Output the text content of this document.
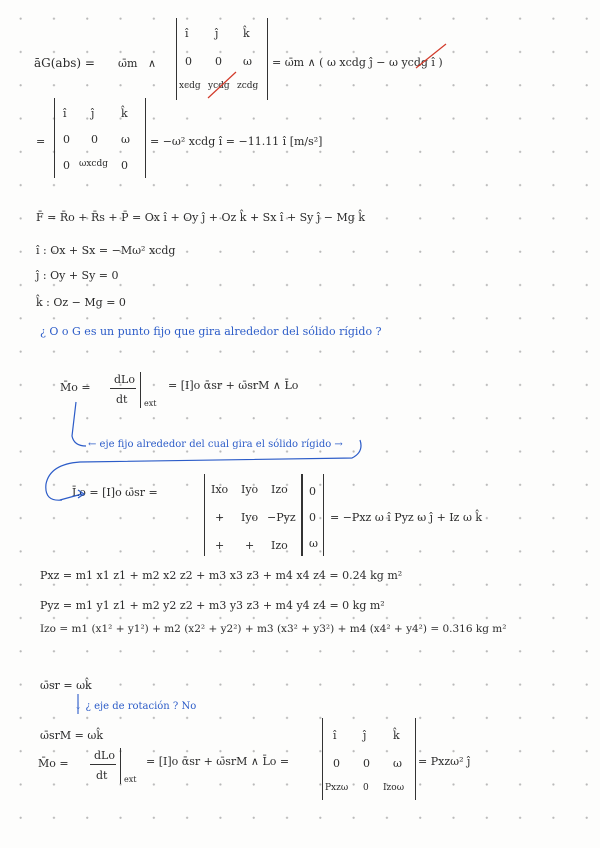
āG(abs) = ω̄m ∧
î ĵ k̂
0 0 ω
xcdg ycdg zcdg
= ω̄m ∧ ( ω xcdg ĵ − ω ycdg î )
=
î ĵ k̂
0 0 ω
0 ωxcdg 0
= −ω² xcdg î = −11.11 î [m/s²]
F̄ = R̄o + R̄s + P̄ = Ox î + Oy ĵ + Oz k̂ + Sx î + Sy ĵ − Mg k̂
î : Ox + Sx = −Mω² xcdg
ĵ : Oy + Sy = 0
k̂ : Oz − Mg = 0
¿ O o G es un punto fijo que gira alrededor del sólido rígido ?
M̄o =
dLo
dt ext
= [I]o ᾱsr + ω̄srM ∧ L̄o
← eje fijo alrededor del cual gira el sólido rígido →
L̄o = [I]o ω̄sr =	Ixo Iyo Izo
+ Iyo −Pyz
+ + Izo
0
0
ω
= −Pxz ω î Pyz ω ĵ + Iz ω k̂
Pxz = m1 x1 z1 + m2 x2 z2 + m3 x3 z3 + m4 x4 z4 = 0.24 kg m²
Pyz = m1 y1 z1 + m2 y2 z2 + m3 y3 z3 + m4 y4 z4 = 0 kg m²
Izo = m1 (x1² + y1²) + m2 (x2² + y2²) + m3 (x3² + y3²) + m4 (x4² + y4²) = 0.316 kg m²
ω̄sr = ωk̂
↓ ¿ eje de rotación ? No
ω̄srM = ωk̂
M̄o =
dLo
dt ext
= [I]o ᾱsr + ω̄srM ∧ L̄o =
î ĵ k̂
0 0 ω
Pxzω 0 Izoω
= Pxzω² ĵ
